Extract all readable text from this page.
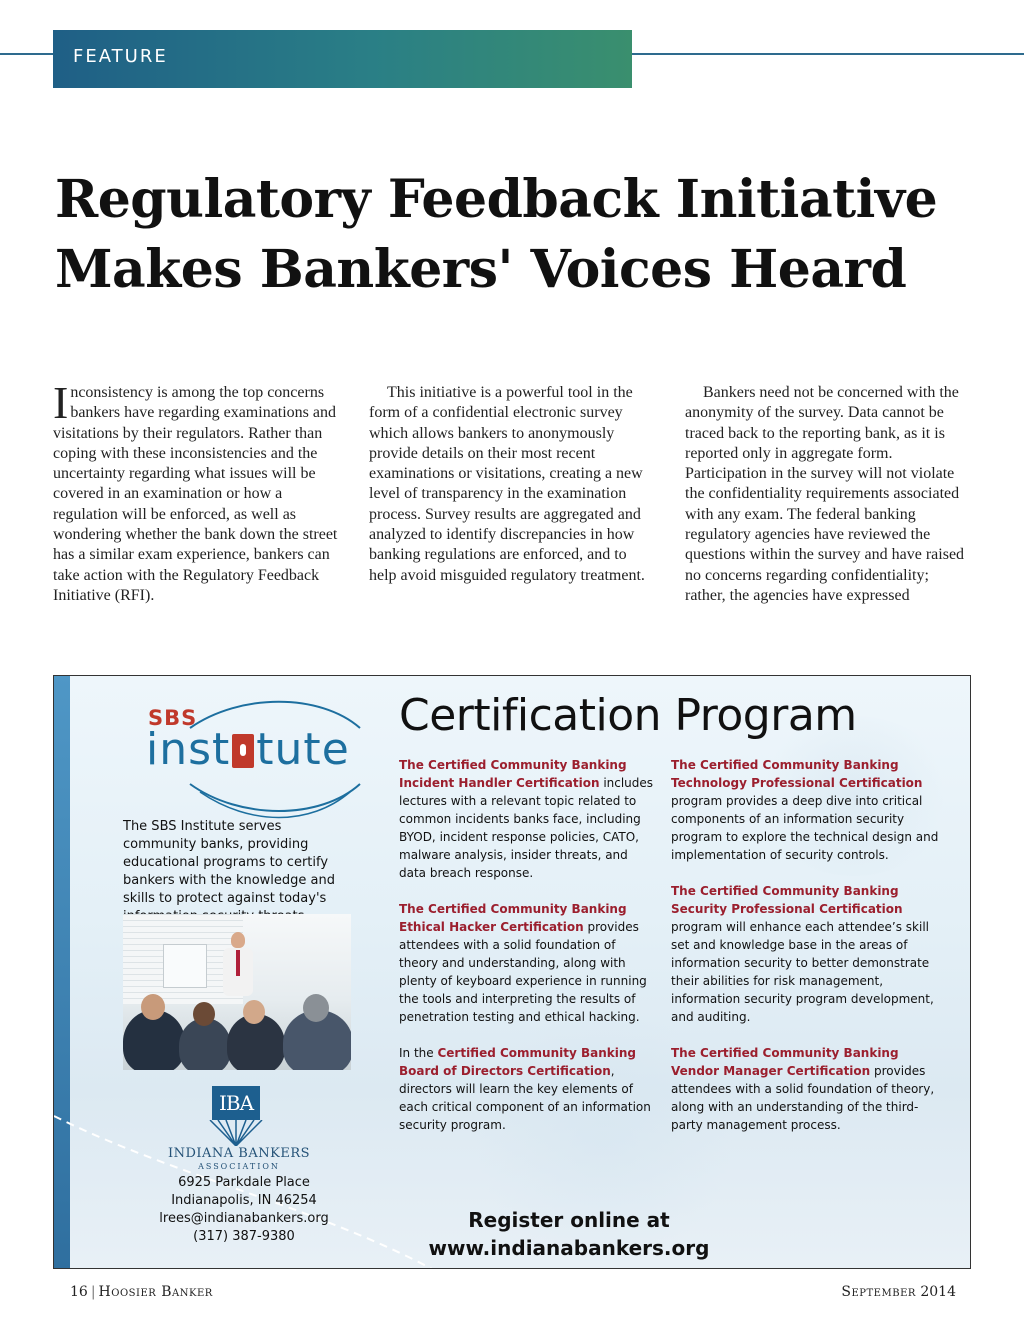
FEATURE
Regulatory Feedback Initiative
Makes Bankers' Voices Heard
Inconsistency is among the top concerns bankers have regarding examinations and visitations by their regulators. Rather than coping with these inconsistencies and the uncertainty regarding what issues will be covered in an examination or how a regulation will be enforced, as well as wondering whether the bank down the street has a similar exam experience, bankers can take action with the Regulatory Feedback Initiative (RFI).
This initiative is a powerful tool in the form of a confidential electronic survey which allows bankers to anonymously provide details on their most recent examinations or visitations, creating a new level of transparency in the examination process. Survey results are aggregated and analyzed to identify discrepancies in how banking regulations are enforced, and to help avoid misguided regulatory treatment.
Bankers need not be concerned with the anonymity of the survey. Data cannot be traced back to the reporting bank, as it is reported only in aggregate form. Participation in the survey will not violate the confidentiality requirements associated with any exam. The federal banking regulatory agencies have reviewed the questions within the survey and have raised no concerns regarding confidentiality; rather, the agencies have expressed
SBS
inst tute
The SBS Institute serves community banks, providing educational programs to certify bankers with the knowledge and skills to protect against today's
IBA
INDIANA BANKERS
ASSOCIATION
6925 Parkdale Place
Indianapolis, IN 46254
lrees@indianabankers.org
(317) 387-9380
Certification Program
The Certified Community Banking Incident Handler Certification includes lectures with a relevant topic related to common incidents banks face, including BYOD, incident response policies, CATO, malware analysis, insider threats, and data breach response.
The Certified Community Banking Ethical Hacker Certification provides attendees with a solid foundation of theory and understanding, along with plenty of keyboard experience in running the tools and interpreting the results of penetration testing and ethical hacking.
In the Certified Community Banking Board of Directors Certification, directors will learn the key elements of each critical component of an information security program.
The Certified Community Banking Technology Professional Certification program provides a deep dive into critical components of an information security program to explore the technical design and implementation of security controls.
The Certified Community Banking Security Professional Certification program will enhance each attendee’s skill set and knowledge base in the areas of information security to better demonstrate their abilities for risk management, information security program development, and auditing.
The Certified Community Banking Vendor Manager Certification provides attendees with a solid foundation of theory, along with an understanding of the third-party management process.
Register online at
www.indianabankers.org
16 | Hoosier Banker	September 2014
